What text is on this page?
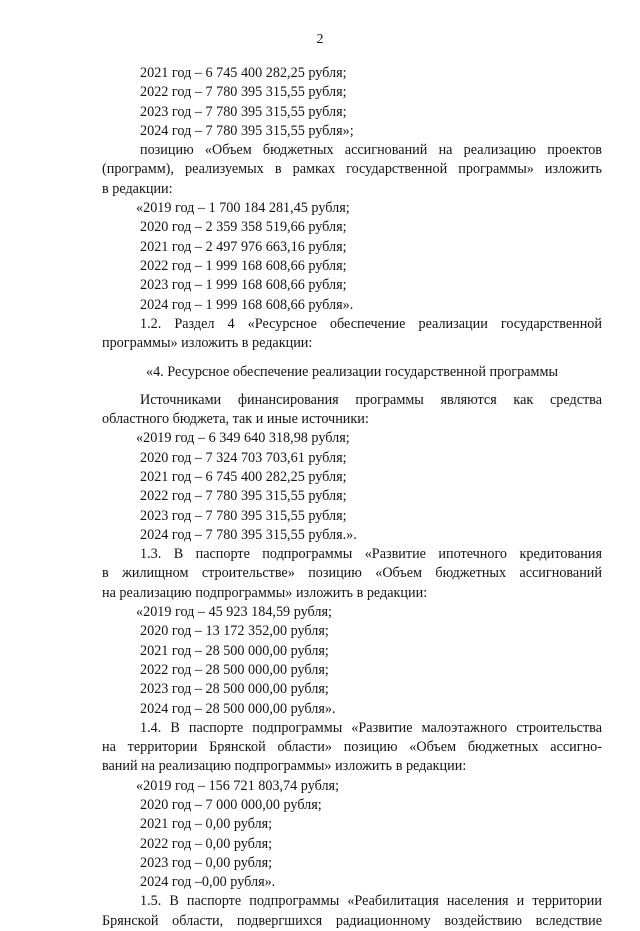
2
2021 год – 6 745 400 282,25 рубля;
2022 год – 7 780 395 315,55 рубля;
2023 год – 7 780 395 315,55 рубля;
2024 год – 7 780 395 315,55 рубля»;
позицию «Объем бюджетных ассигнований на реализацию проектов
(программ), реализуемых в рамках государственной программы» изложить
в редакции:
«2019 год – 1 700 184 281,45 рубля;
2020 год – 2 359 358 519,66 рубля;
2021 год – 2 497 976 663,16 рубля;
2022 год – 1 999 168 608,66 рубля;
2023 год – 1 999 168 608,66 рубля;
2024 год – 1 999 168 608,66 рубля».
1.2. Раздел 4 «Ресурсное обеспечение реализации государственной
программы» изложить в редакции:
«4. Ресурсное обеспечение реализации государственной программы
Источниками финансирования программы являются как средства
областного бюджета, так и иные источники:
«2019 год – 6 349 640 318,98 рубля;
2020 год – 7 324 703 703,61 рубля;
2021 год – 6 745 400 282,25 рубля;
2022 год – 7 780 395 315,55 рубля;
2023 год – 7 780 395 315,55 рубля;
2024 год – 7 780 395 315,55 рубля.».
1.3. В паспорте подпрограммы «Развитие ипотечного кредитования
в жилищном строительстве» позицию «Объем бюджетных ассигнований
на реализацию подпрограммы» изложить в редакции:
«2019 год – 45 923 184,59 рубля;
2020 год – 13 172 352,00 рубля;
2021 год – 28 500 000,00 рубля;
2022 год – 28 500 000,00 рубля;
2023 год – 28 500 000,00 рубля;
2024 год – 28 500 000,00 рубля».
1.4. В паспорте подпрограммы «Развитие малоэтажного строительства
на территории Брянской области» позицию «Объем бюджетных ассигно-
ваний на реализацию подпрограммы» изложить в редакции:
«2019 год – 156 721 803,74 рубля;
2020 год – 7 000 000,00 рубля;
2021 год – 0,00 рубля;
2022 год – 0,00 рубля;
2023 год – 0,00 рубля;
2024 год –0,00 рубля».
1.5. В паспорте подпрограммы «Реабилитация населения и территории
Брянской области, подвергшихся радиационному воздействию вследствие
